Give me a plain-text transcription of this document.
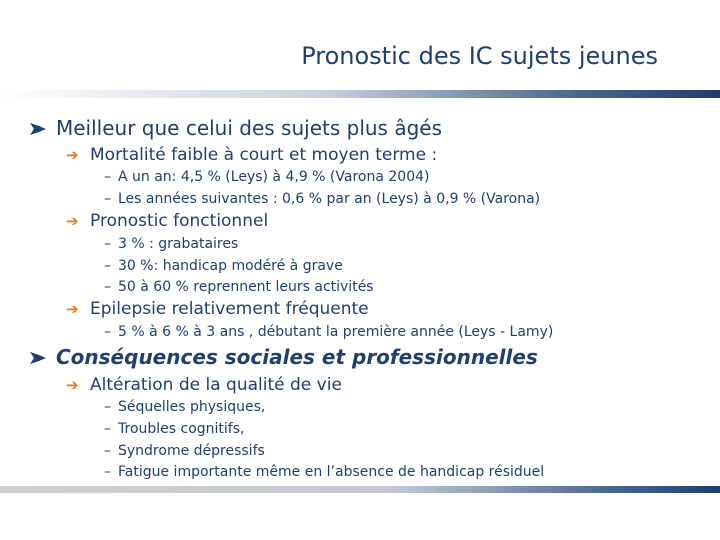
Pronostic des IC sujets jeunes
Meilleur que celui des sujets plus âgés
➔ Mortalité faible à court et moyen terme :
– A un an: 4,5 % (Leys) à 4,9 % (Varona 2004)
– Les années suivantes : 0,6 % par an (Leys) à 0,9 % (Varona)
➔ Pronostic fonctionnel
– 3 % : grabataires
– 30 %: handicap modéré à grave
– 50 à 60 % reprennent leurs activités
➔ Epilepsie relativement fréquente
– 5 % à 6 % à 3 ans , débutant la première année (Leys - Lamy)
Conséquences sociales et professionnelles
➔ Altération de la qualité de vie
– Séquelles physiques,
– Troubles cognitifs,
– Syndrome dépressifs
– Fatigue importante même en l’absence de handicap résiduel
